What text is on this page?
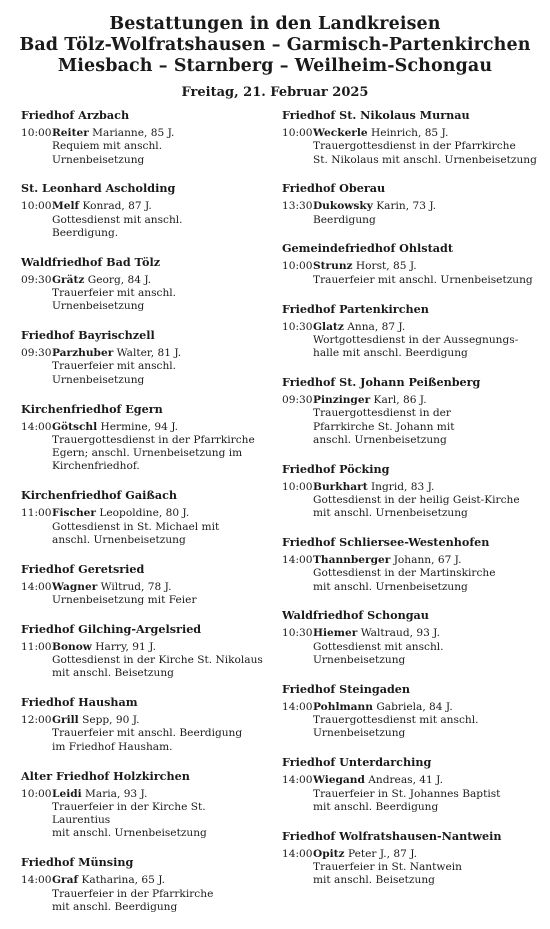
Bestattungen in den Landkreisen
Bad Tölz-Wolfratshausen – Garmisch-Partenkirchen
Miesbach – Starnberg – Weilheim-Schongau
Freitag, 21. Februar 2025
Friedhof Arzbach
10:00 Reiter Marianne, 85 J.
Requiem mit anschl.
Urnenbeisetzung
St. Leonhard Ascholding
10:00 Melf Konrad, 87 J.
Gottesdienst mit anschl.
Beerdigung.
Waldfriedhof Bad Tölz
09:30 Grätz Georg, 84 J.
Trauerfeier mit anschl.
Urnenbeisetzung
Friedhof Bayrischzell
09:30 Parzhuber Walter, 81 J.
Trauerfeier mit anschl.
Urnenbeisetzung
Kirchenfriedhof Egern
14:00 Götschl Hermine, 94 J.
Trauergottesdienst in der Pfarrkirche
Egern; anschl. Urnenbeisetzung im
Kirchenfriedhof.
Kirchenfriedhof Gaißach
11:00 Fischer Leopoldine, 80 J.
Gottesdienst in St. Michael mit
anschl. Urnenbeisetzung
Friedhof Geretsried
14:00 Wagner Wiltrud, 78 J.
Urnenbeisetzung mit Feier
Friedhof Gilching-Argelsried
11:00 Bonow Harry, 91 J.
Gottesdienst in der Kirche St. Nikolaus
mit anschl. Beisetzung
Friedhof Hausham
12:00 Grill Sepp, 90 J.
Trauerfeier mit anschl. Beerdigung
im Friedhof Hausham.
Alter Friedhof Holzkirchen
10:00 Leidi Maria, 93 J.
Trauerfeier in der Kirche St. Laurentius
mit anschl. Urnenbeisetzung
Friedhof Münsing
14:00 Graf Katharina, 65 J.
Trauerfeier in der Pfarrkirche
mit anschl. Beerdigung
Friedhof St. Nikolaus Murnau
10:00 Weckerle Heinrich, 85 J.
Trauergottesdienst in der Pfarrkirche
St. Nikolaus mit anschl. Urnenbeisetzung
Friedhof Oberau
13:30 Dukowsky Karin, 73 J.
Beerdigung
Gemeindefriedhof Ohlstadt
10:00 Strunz Horst, 85 J.
Trauerfeier mit anschl. Urnenbeisetzung
Friedhof Partenkirchen
10:30 Glatz Anna, 87 J.
Wortgottesdienst in der Aussegnungs-
halle mit anschl. Beerdigung
Friedhof St. Johann Peißenberg
09:30 Pinzinger Karl, 86 J.
Trauergottesdienst in der
Pfarrkirche St. Johann mit
anschl. Urnenbeisetzung
Friedhof Pöcking
10:00 Burkhart Ingrid, 83 J.
Gottesdienst in der heilig Geist-Kirche
mit anschl. Urnenbeisetzung
Friedhof Schliersee-Westenhofen
14:00 Thannberger Johann, 67 J.
Gottesdienst in der Martinskirche
mit anschl. Urnenbeisetzung
Waldfriedhof Schongau
10:30 Hiemer Waltraud, 93 J.
Gottesdienst mit anschl.
Urnenbeisetzung
Friedhof Steingaden
14:00 Pohlmann Gabriela, 84 J.
Trauergottesdienst mit anschl.
Urnenbeisetzung
Friedhof Unterdarching
14:00 Wiegand Andreas, 41 J.
Trauerfeier in St. Johannes Baptist
mit anschl. Beerdigung
Friedhof Wolfratshausen-Nantwein
14:00 Opitz Peter J., 87 J.
Trauerfeier in St. Nantwein
mit anschl. Beisetzung
